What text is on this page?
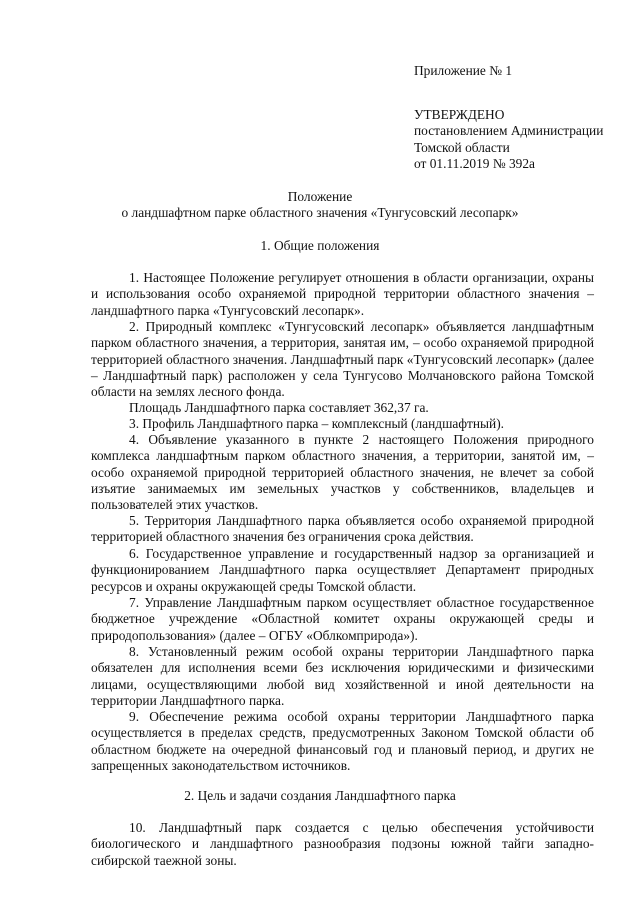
Приложение № 1
УТВЕРЖДЕНО
постановлением Администрации
Томской области
от 01.11.2019 № 392а
Положение
о ландшафтном парке областного значения «Тунгусовский лесопарк»
1. Общие положения

1. Настоящее Положение регулирует отношения в области организации, охраны и использования особо охраняемой природной территории областного значения – ландшафтного парка «Тунгусовский лесопарк».

2. Природный комплекс «Тунгусовский лесопарк» объявляется ландшафтным парком областного значения, а территория, занятая им, – особо охраняемой природной территорией областного значения. Ландшафтный парк «Тунгусовский лесопарк» (далее – Ландшафтный парк) расположен у села Тунгусово Молчановского района Томской области на землях лесного фонда.

Площадь Ландшафтного парка составляет 362,37 га.

3. Профиль Ландшафтного парка – комплексный (ландшафтный).

4. Объявление указанного в пункте 2 настоящего Положения природного комплекса ландшафтным парком областного значения, а территории, занятой им, – особо охраняемой природной территорией областного значения, не влечет за собой изъятие занимаемых им земельных участков у собственников, владельцев и пользователей этих участков.

5. Территория Ландшафтного парка объявляется особо охраняемой природной территорией областного значения без ограничения срока действия.

6. Государственное управление и государственный надзор за организацией и функционированием Ландшафтного парка осуществляет Департамент природных ресурсов и охраны окружающей среды Томской области.

7. Управление Ландшафтным парком осуществляет областное государственное бюджетное учреждение «Областной комитет охраны окружающей среды и природопользования» (далее – ОГБУ «Облкомприрода»).

8. Установленный режим особой охраны территории Ландшафтного парка обязателен для исполнения всеми без исключения юридическими и физическими лицами, осуществляющими любой вид хозяйственной и иной деятельности на территории Ландшафтного парка.

9. Обеспечение режима особой охраны территории Ландшафтного парка осуществляется в пределах средств, предусмотренных Законом Томской области об областном бюджете на очередной финансовый год и плановый период, и других не запрещенных законодательством источников.

2. Цель и задачи создания Ландшафтного парка

10. Ландшафтный парк создается с целью обеспечения устойчивости биологического и ландшафтного разнообразия подзоны южной тайги западно-сибирской таежной зоны.
